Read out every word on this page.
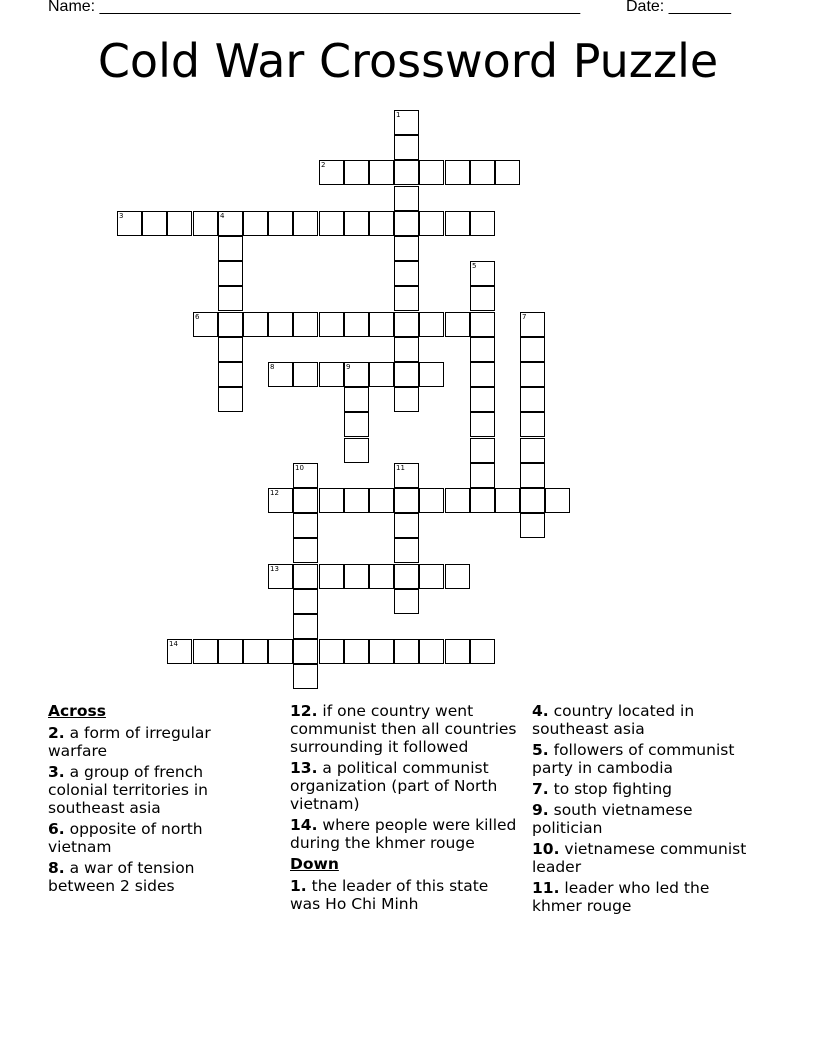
Name: ______________________________________________________	Date: _______
Cold War Crossword Puzzle
1
2
3	4
5
6	7
8	9
10	11
12
13
14
Across
2. a form of irregular warfare
3. a group of french colonial territories in southeast asia
6. opposite of north vietnam
8. a war of tension between 2 sides
12. if one country went communist then all countries surrounding it followed
13. a political communist organization (part of North vietnam)
14. where people were killed during the khmer rouge
Down
1. the leader of this state was Ho Chi Minh
4. country located in southeast asia
5. followers of communist party in cambodia
7. to stop fighting
9. south vietnamese politician
10. vietnamese communist leader
11. leader who led the khmer rouge
